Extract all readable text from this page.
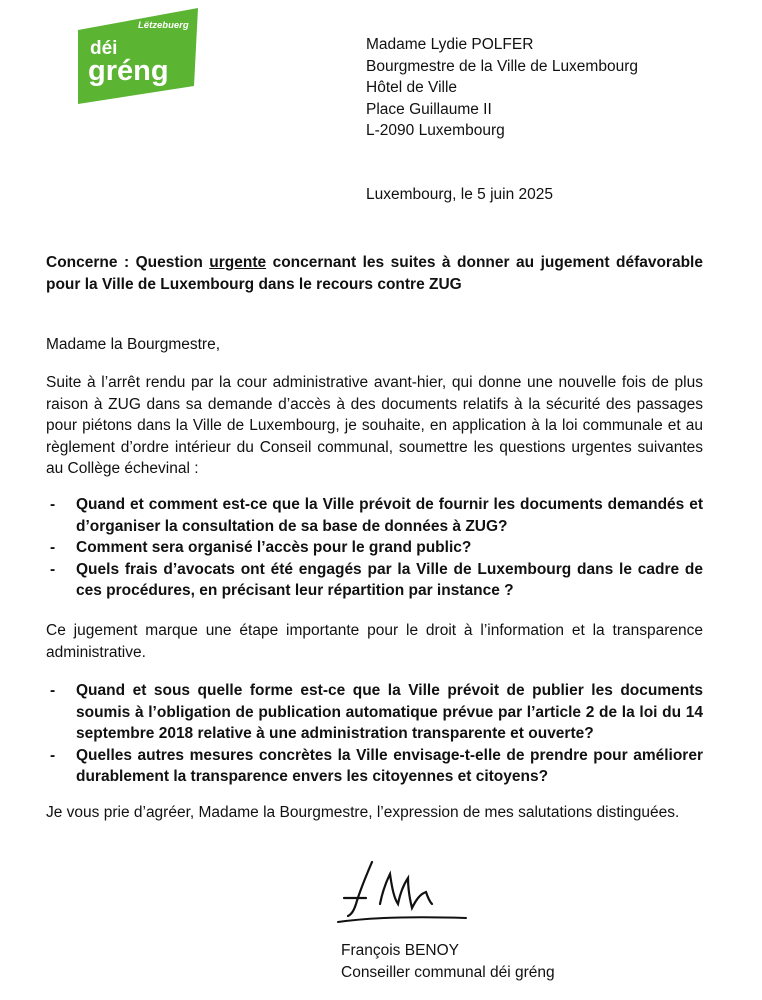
Lëtzebuerg
déi
gréng
Madame Lydie POLFER
Bourgmestre de la Ville de Luxembourg
Hôtel de Ville
Place Guillaume II
L-2090 Luxembourg
Luxembourg, le 5 juin 2025
Concerne : Question urgente concernant les suites à donner au jugement défavorable pour la Ville de Luxembourg dans le recours contre ZUG
Madame la Bourgmestre,
Suite à l’arrêt rendu par la cour administrative avant-hier, qui donne une nouvelle fois de plus raison à ZUG dans sa demande d’accès à des documents relatifs à la sécurité des passages pour piétons dans la Ville de Luxembourg, je souhaite, en application à la loi communale et au règlement d’ordre intérieur du Conseil communal, soumettre les questions urgentes suivantes au Collège échevinal :
- Quand et comment est-ce que la Ville prévoit de fournir les documents demandés et d’organiser la consultation de sa base de données à ZUG?
- Comment sera organisé l’accès pour le grand public?
- Quels frais d’avocats ont été engagés par la Ville de Luxembourg dans le cadre de ces procédures, en précisant leur répartition par instance ?
Ce jugement marque une étape importante pour le droit à l’information et la transparence administrative.
- Quand et sous quelle forme est-ce que la Ville prévoit de publier les documents soumis à l’obligation de publication automatique prévue par l’article 2 de la loi du 14 septembre 2018 relative à une administration transparente et ouverte?
- Quelles autres mesures concrètes la Ville envisage-t-elle de prendre pour améliorer durablement la transparence envers les citoyennes et citoyens?
Je vous prie d’agréer, Madame la Bourgmestre, l’expression de mes salutations distinguées.
François BENOY
Conseiller communal déi gréng
